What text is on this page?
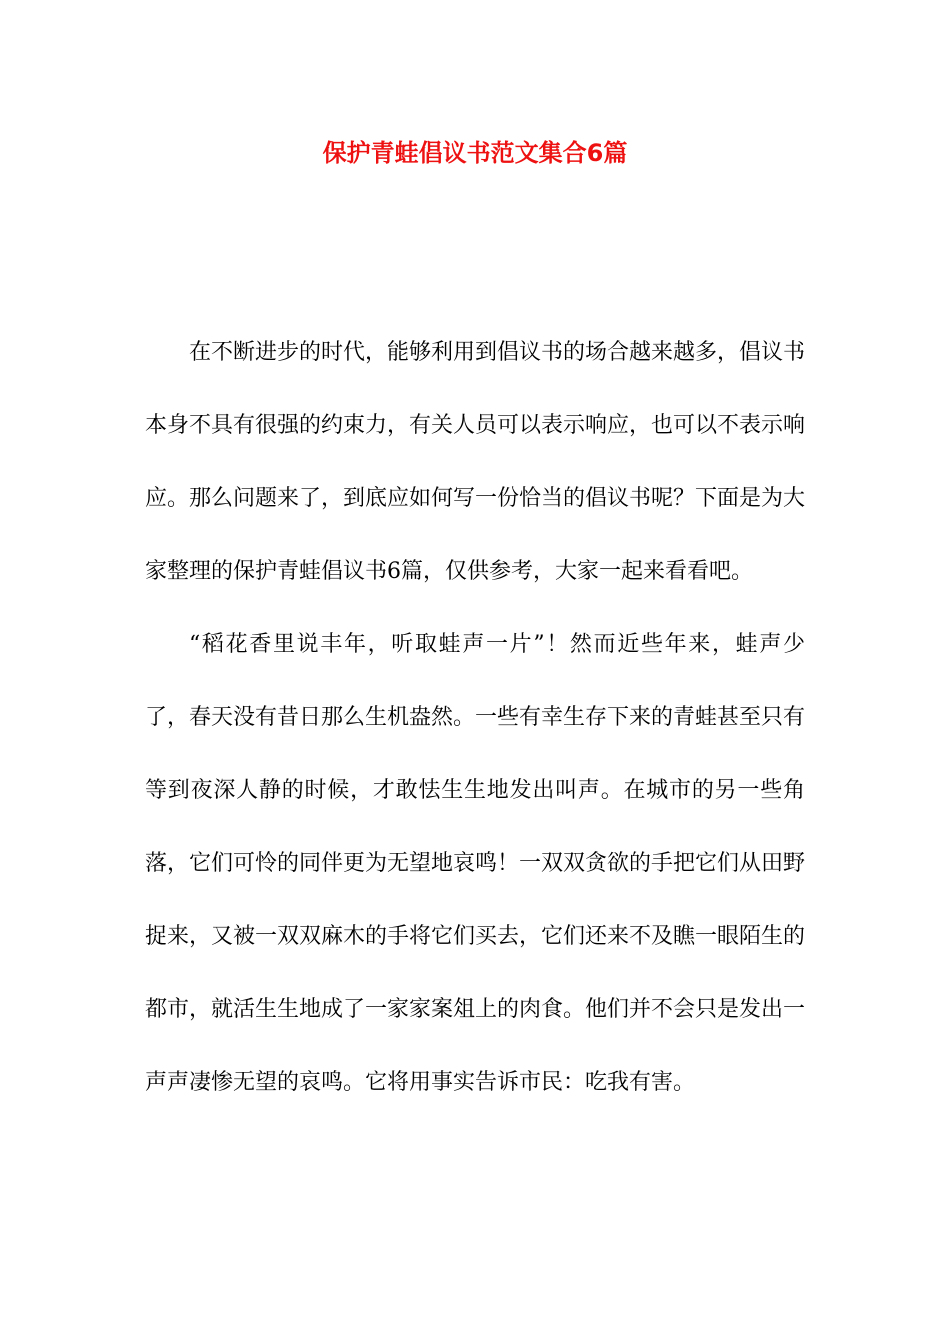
保护青蛙倡议书范文集合6篇

在不断进步的时代，能够利用到倡议书的场合越来越多，倡议书本身不具有很强的约束力，有关人员可以表示响应，也可以不表示响应。那么问题来了，到底应如何写一份恰当的倡议书呢？下面是为大家整理的保护青蛙倡议书6篇，仅供参考，大家一起来看看吧。

“稻花香里说丰年，听取蛙声一片”！然而近些年来，蛙声少了，春天没有昔日那么生机盎然。一些有幸生存下来的青蛙甚至只有等到夜深人静的时候，才敢怯生生地发出叫声。在城市的另一些角落，它们可怜的同伴更为无望地哀鸣！一双双贪欲的手把它们从田野捉来，又被一双双麻木的手将它们买去，它们还来不及瞧一眼陌生的都市，就活生生地成了一家家案俎上的肉食。他们并不会只是发出一声声凄惨无望的哀鸣。它将用事实告诉市民：吃我有害。
